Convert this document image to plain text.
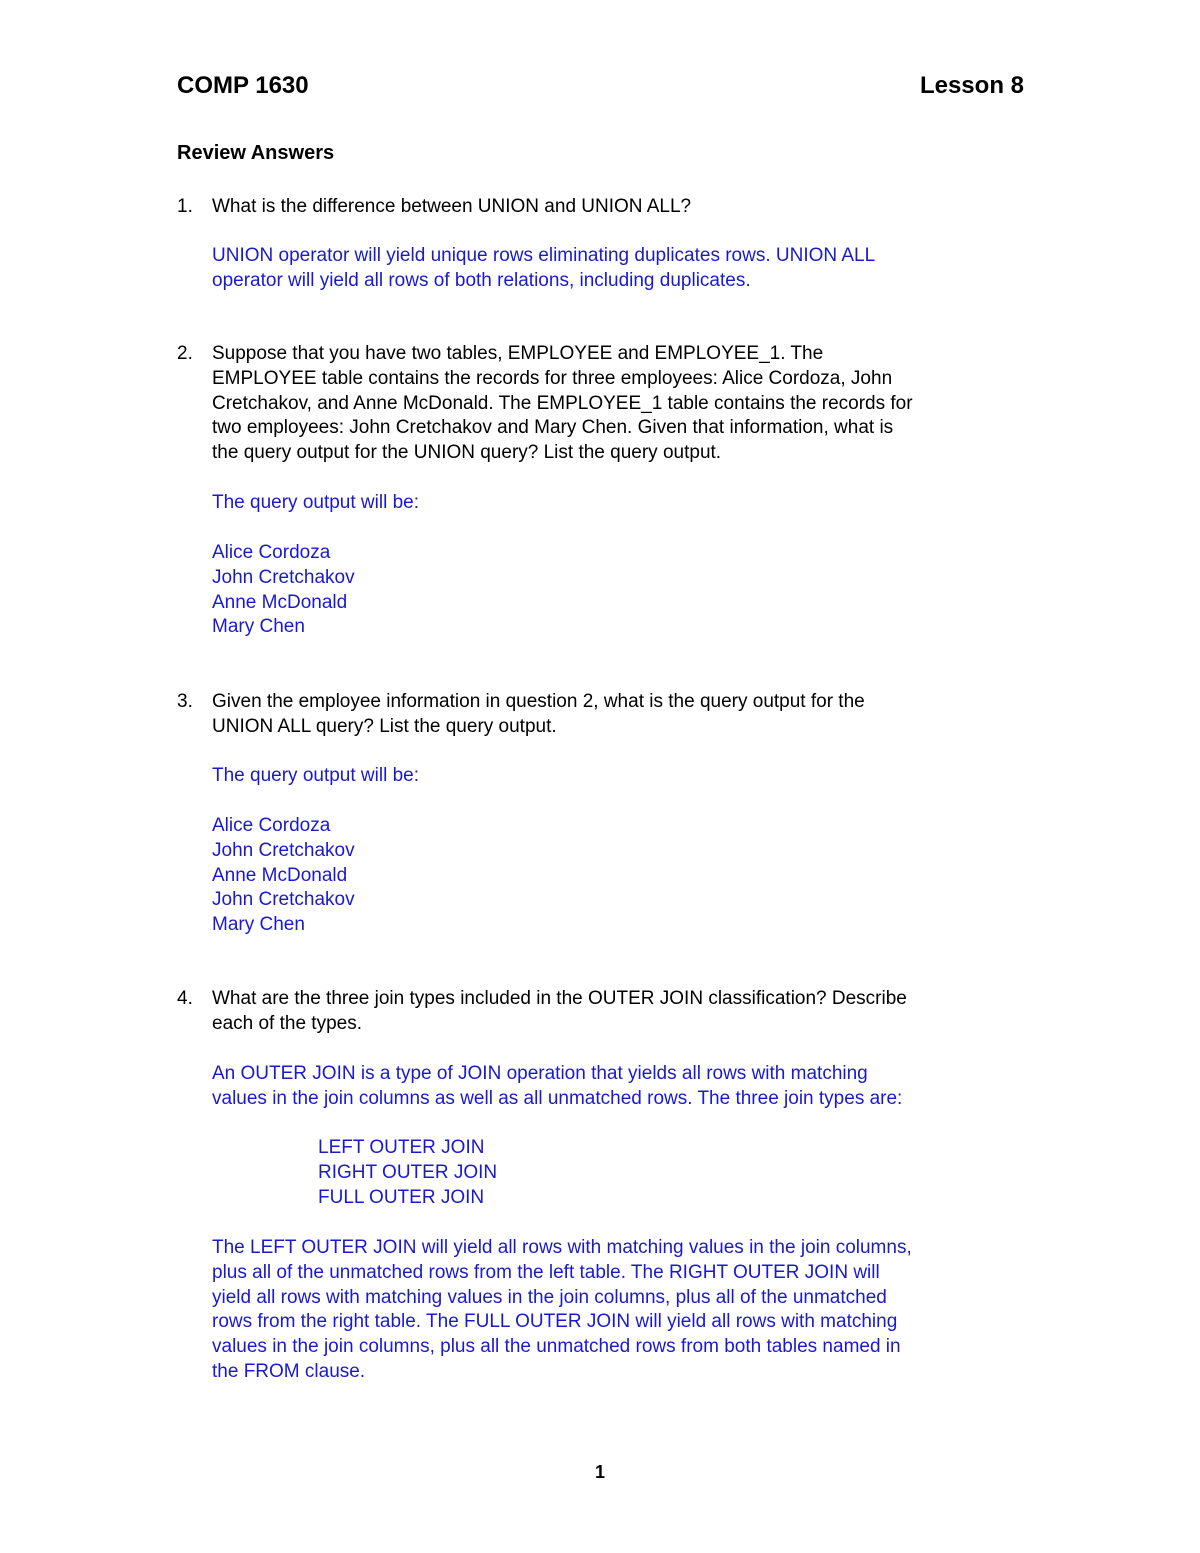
COMP 1630	Lesson 8
Review Answers
1. What is the difference between UNION and UNION ALL?
UNION operator will yield unique rows eliminating duplicates rows. UNION ALL
operator will yield all rows of both relations, including duplicates.
2. Suppose that you have two tables, EMPLOYEE and EMPLOYEE_1. The
EMPLOYEE table contains the records for three employees: Alice Cordoza, John
Cretchakov, and Anne McDonald. The EMPLOYEE_1 table contains the records for
two employees: John Cretchakov and Mary Chen. Given that information, what is
the query output for the UNION query? List the query output.
The query output will be:
Alice Cordoza
John Cretchakov
Anne McDonald
Mary Chen
3. Given the employee information in question 2, what is the query output for the
UNION ALL query? List the query output.
The query output will be:
Alice Cordoza
John Cretchakov
Anne McDonald
John Cretchakov
Mary Chen
4. What are the three join types included in the OUTER JOIN classification? Describe
each of the types.
An OUTER JOIN is a type of JOIN operation that yields all rows with matching
values in the join columns as well as all unmatched rows. The three join types are:
LEFT OUTER JOIN
RIGHT OUTER JOIN
FULL OUTER JOIN
The LEFT OUTER JOIN will yield all rows with matching values in the join columns,
plus all of the unmatched rows from the left table. The RIGHT OUTER JOIN will
yield all rows with matching values in the join columns, plus all of the unmatched
rows from the right table. The FULL OUTER JOIN will yield all rows with matching
values in the join columns, plus all the unmatched rows from both tables named in
the FROM clause.
1
